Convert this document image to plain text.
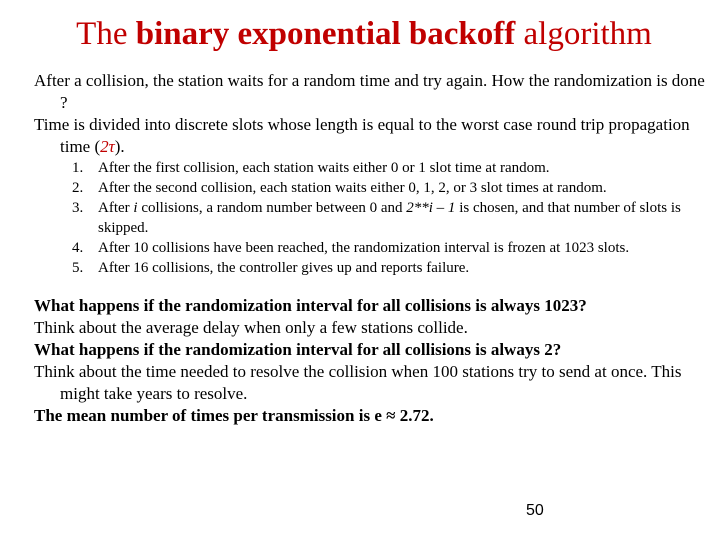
The binary exponential backoff algorithm

After a collision, the station waits for a random time and try again. How the randomization is done ?

Time is divided into discrete slots whose length is equal to the worst case round trip propagation time (2τ).

1. After the first collision, each station waits either 0 or 1 slot time at random.
2. After the second collision, each station waits either 0, 1, 2, or 3 slot times at random.
3. After i collisions, a random number between 0 and 2**i – 1 is chosen, and that number of slots is skipped.
4. After 10 collisions have been reached, the randomization interval is frozen at 1023 slots.
5. After 16 collisions, the controller gives up and reports failure.

What happens if the randomization interval for all collisions is always 1023?

Think about the average delay when only a few stations collide.

What happens if the randomization interval for all collisions is always 2?

Think about the time needed to resolve the collision when 100 stations try to send at once. This might take years to resolve.

The mean number of times per transmission is e ≈ 2.72.

50
